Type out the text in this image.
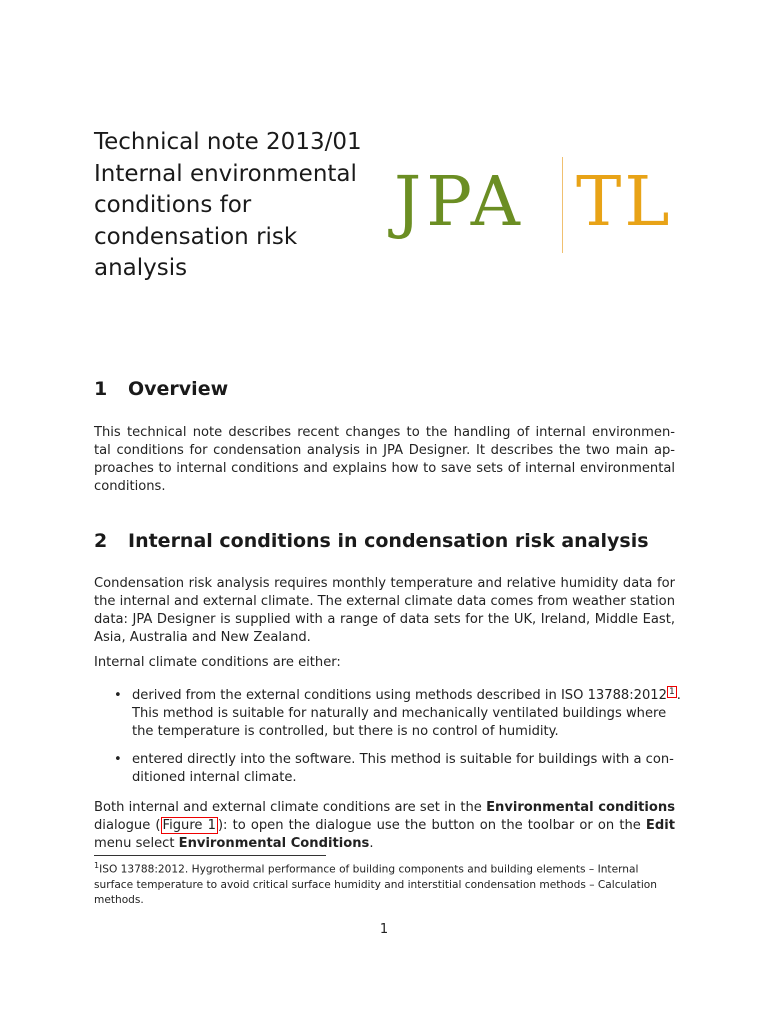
Technical note 2013/01
Internal environmental
conditions for
condensation risk
analysis
JPA TL
1 Overview

This technical note describes recent changes to the handling of internal environmen-
tal conditions for condensation analysis in JPA Designer. It describes the two main ap-
proaches to internal conditions and explains how to save sets of internal environmental
conditions.

2 Internal conditions in condensation risk analysis

Condensation risk analysis requires monthly temperature and relative humidity data for
the internal and external climate. The external climate data comes from weather station
data: JPA Designer is supplied with a range of data sets for the UK, Ireland, Middle East,
Asia, Australia and New Zealand.

Internal climate conditions are either:

• derived from the external conditions using methods described in ISO 13788:2012 $^1$ .
This method is suitable for naturally and mechanically ventilated buildings where
the temperature is controlled, but there is no control of humidity.
• entered directly into the software. This method is suitable for buildings with a con-
ditioned internal climate.

Both internal and external climate conditions are set in the Environmental conditions
dialogue ( Figure 1 ): to open the dialogue use the button on the toolbar or on the Edit
menu select Environmental Conditions.

$^1$ISO 13788:2012. Hygrothermal performance of building components and building elements – Internal
surface temperature to avoid critical surface humidity and interstitial condensation methods – Calculation
methods.

1
